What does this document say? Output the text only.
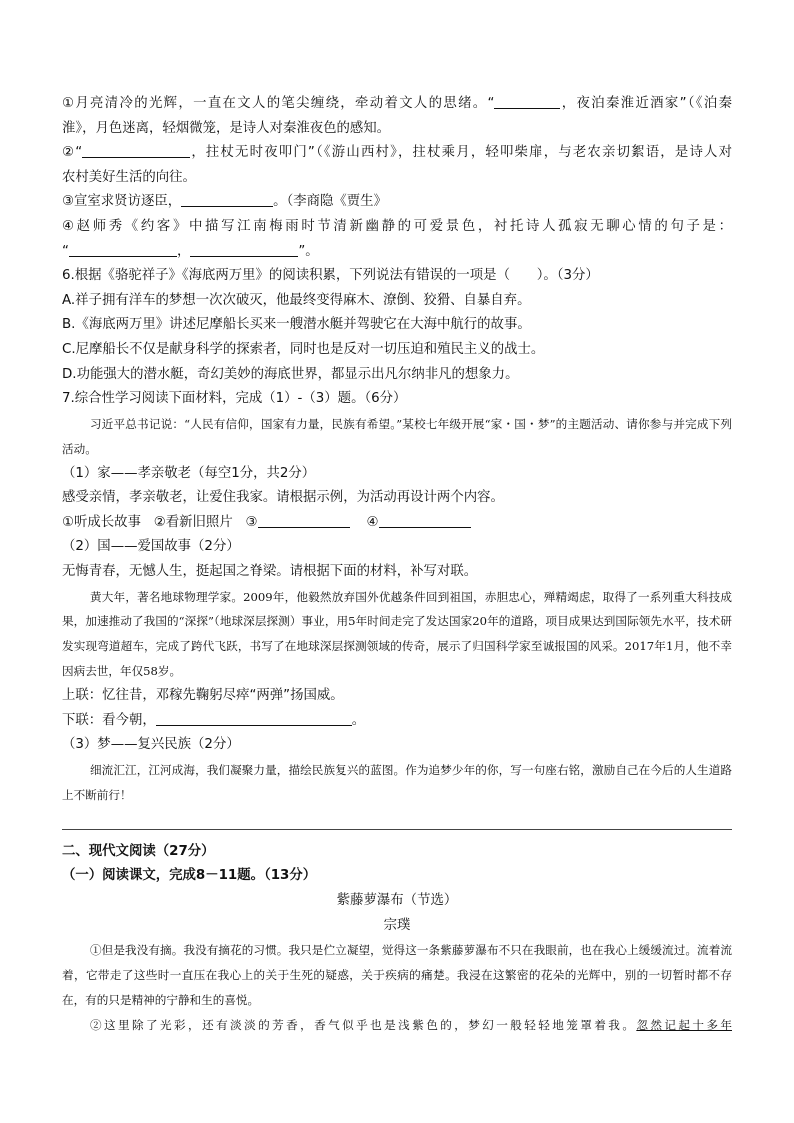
①月亮清冷的光辉，一直在文人的笔尖缠绕，牵动着文人的思绪。“	，夜泊秦淮近酒家”（《泊秦
淮》，月色迷离，轻烟微笼，是诗人对秦淮夜色的感知。
②“	，拄杖无时夜叩门”（《游山西村》，拄杖乘月，轻叩柴扉，与老农亲切絮语，是诗人对
农村美好生活的向往。
③宣室求贤访逐臣，	。（李商隐《贾生》
④赵师秀《约客》中描写江南梅雨时节清新幽静的可爱景色，衬托诗人孤寂无聊心情的句子是：
“	，	”。
6.根据《骆驼祥子》《海底两万里》的阅读积累，下列说法有错误的一项是（　　）。（3分）
A.祥子拥有洋车的梦想一次次破灭，他最终变得麻木、潦倒、狡猾、自暴自弃。
B.《海底两万里》讲述尼摩船长买来一艘潜水艇并驾驶它在大海中航行的故事。
C.尼摩船长不仅是献身科学的探索者，同时也是反对一切压迫和殖民主义的战士。
D.功能强大的潜水艇，奇幻美妙的海底世界，都显示出凡尔纳非凡的想象力。
7.综合性学习阅读下面材料，完成（1）-（3）题。（6分）
习近平总书记说：“人民有信仰，国家有力量，民族有希望。”某校七年级开展“家・国・梦”的主题活动、请你参与并完成下列活动。
（1）家——孝亲敬老（每空1分，共2分）
感受亲情，孝亲敬老，让爱住我家。请根据示例，为活动再设计两个内容。
①听成长故事 ②看新旧照片 ③	④
（2）国——爱国故事（2分）
无悔青春，无憾人生，挺起国之脊梁。请根据下面的材料，补写对联。
黄大年，著名地球物理学家。2009年，他毅然放弃国外优越条件回到祖国，赤胆忠心，殚精竭虑，取得了一系列重大科技成果，加速推动了我国的“深探”（地球深层探测）事业，用5年时间走完了发达国家20年的道路，项目成果达到国际领先水平，技术研发实现弯道超车，完成了跨代飞跃，书写了在地球深层探测领域的传奇，展示了归国科学家至诚报国的风采。2017年1月，他不幸因病去世，年仅58岁。
上联：忆往昔，邓稼先鞠躬尽瘁“两弹”扬国威。
下联：看今朝，	。
（3）梦——复兴民族（2分）
细流汇江，江河成海，我们凝聚力量，描绘民族复兴的蓝图。作为追梦少年的你，写一句座右铭，激励自己在今后的人生道路上不断前行！
二、现代文阅读（27分）
（一）阅读课文，完成8－11题。（13分）
紫藤萝瀑布（节选）
宗璞
①但是我没有摘。我没有摘花的习惯。我只是伫立凝望，觉得这一条紫藤萝瀑布不只在我眼前，也在我心上缓缓流过。流着流着，它带走了这些时一直压在我心上的关于生死的疑惑，关于疾病的痛楚。我浸在这繁密的花朵的光辉中，别的一切暂时都不存在，有的只是精神的宁静和生的喜悦。
②这里除了光彩，还有淡淡的芳香，香气似乎也是浅紫色的，梦幻一般轻轻地笼罩着我。忽然记起十多年
